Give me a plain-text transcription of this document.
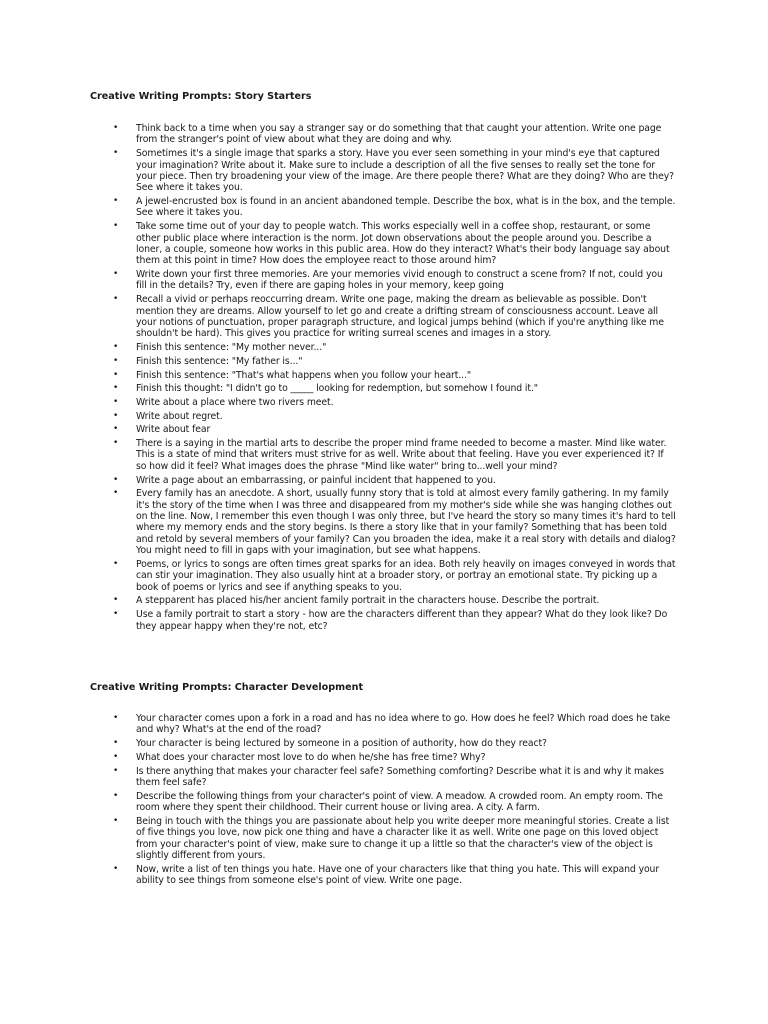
Creative Writing Prompts: Story Starters
•	Think back to a time when you say a stranger say or do something that that caught your attention. Write one page from the stranger's point of view about what they are doing and why.
•	Sometimes it's a single image that sparks a story. Have you ever seen something in your mind's eye that captured your imagination? Write about it. Make sure to include a description of all the five senses to really set the tone for your piece. Then try broadening your view of the image. Are there people there? What are they doing? Who are they? See where it takes you.
•	A jewel-encrusted box is found in an ancient abandoned temple. Describe the box, what is in the box, and the temple. See where it takes you.
•	Take some time out of your day to people watch. This works especially well in a coffee shop, restaurant, or some other public place where interaction is the norm. Jot down observations about the people around you. Describe a loner, a couple, someone how works in this public area. How do they interact? What's their body language say about them at this point in time? How does the employee react to those around him?
•	Write down your first three memories. Are your memories vivid enough to construct a scene from? If not, could you fill in the details? Try, even if there are gaping holes in your memory, keep going
•	Recall a vivid or perhaps reoccurring dream. Write one page, making the dream as believable as possible. Don't mention they are dreams. Allow yourself to let go and create a drifting stream of consciousness account. Leave all your notions of punctuation, proper paragraph structure, and logical jumps behind (which if you're anything like me shouldn't be hard). This gives you practice for writing surreal scenes and images in a story.
•	Finish this sentence: "My mother never..."
•	Finish this sentence: "My father is..."
•	Finish this sentence: "That's what happens when you follow your heart..."
•	Finish this thought: "I didn't go to _____ looking for redemption, but somehow I found it."
•	Write about a place where two rivers meet.
•	Write about regret.
•	Write about fear
•	There is a saying in the martial arts to describe the proper mind frame needed to become a master. Mind like water. This is a state of mind that writers must strive for as well. Write about that feeling. Have you ever experienced it? If so how did it feel? What images does the phrase "Mind like water" bring to...well your mind?
•	Write a page about an embarrassing, or painful incident that happened to you.
•	Every family has an anecdote. A short, usually funny story that is told at almost every family gathering. In my family it's the story of the time when I was three and disappeared from my mother's side while she was hanging clothes out on the line. Now, I remember this even though I was only three, but I've heard the story so many times it's hard to tell where my memory ends and the story begins. Is there a story like that in your family? Something that has been told and retold by several members of your family? Can you broaden the idea, make it a real story with details and dialog? You might need to fill in gaps with your imagination, but see what happens.
•	Poems, or lyrics to songs are often times great sparks for an idea. Both rely heavily on images conveyed in words that can stir your imagination. They also usually hint at a broader story, or portray an emotional state. Try picking up a book of poems or lyrics and see if anything speaks to you.
•	A stepparent has placed his/her ancient family portrait in the characters house. Describe the portrait.
•	Use a family portrait to start a story - how are the characters different than they appear? What do they look like? Do they appear happy when they're not, etc?
Creative Writing Prompts: Character Development
•	Your character comes upon a fork in a road and has no idea where to go. How does he feel? Which road does he take and why? What's at the end of the road?
•	Your character is being lectured by someone in a position of authority, how do they react?
•	What does your character most love to do when he/she has free time? Why?
•	Is there anything that makes your character feel safe? Something comforting? Describe what it is and why it makes them feel safe?
•	Describe the following things from your character's point of view. A meadow. A crowded room. An empty room. The room where they spent their childhood. Their current house or living area. A city. A farm.
•	Being in touch with the things you are passionate about help you write deeper more meaningful stories. Create a list of five things you love, now pick one thing and have a character like it as well. Write one page on this loved object from your character's point of view, make sure to change it up a little so that the character's view of the object is slightly different from yours.
•	Now, write a list of ten things you hate. Have one of your characters like that thing you hate. This will expand your ability to see things from someone else's point of view. Write one page.
